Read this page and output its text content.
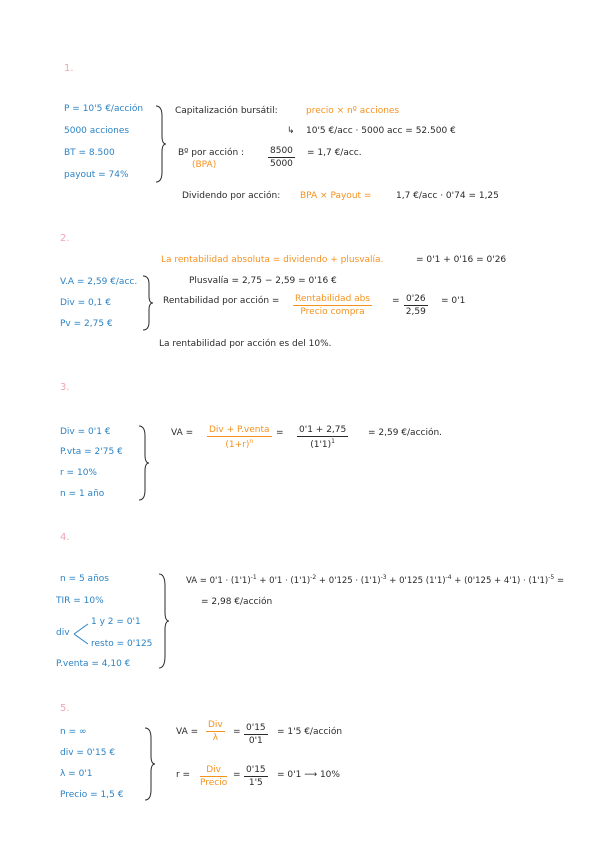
1.
P = 10'5 €/acción
5000 acciones
BT = 8.500
payout = 74%
Capitalización bursátil:	precio × nº acciones
↳ 10'5 €/acc · 5000 acc = 52.500 €
Bº por acción :
(BPA)	$\frac{8500}{5000} = 1,7$ €/acc.
Dividendo por acción: BPA × Payout =	1,7 €/acc · 0'74 = 1,25
2.
La rentabilidad absoluta = dividendo + plusvalía.	= 0'1 + 0'16 = 0'26
V.A = 2,59 €/acc.
Div = 0,1 €
Pv = 2,75 €
Plusvalía = 2,75 − 2,59 = 0'16 €
Rentabilidad por acción = Rentabilidad abs
Precio compra
= $\frac{0'26}{2,59} = 0'1$
La rentabilidad por acción es del 10%.
3.
Div = 0'1 €
P.vta = 2'75 €
r = 10%
n = 1 año
VA = Div + P.venta
$(1+r)^n$
= $\frac{0'1 + 2,75}{(1'1)^1} = 2,59$ €/acción.
4.
n = 5 años
TIR = 10%
div
1 y 2 = 0'1
resto = 0'125
P.venta = 4,10 €
VA = $0'1 \cdot (1'1)^{-1} + 0'1 \cdot (1'1)^{-2} + 0'125 \cdot (1'1)^{-3} + 0'125$ $(1'1)^{-4} + (0'125 + 4'1) \cdot (1'1)^{-5}$ =
= 2,98 €/acción
5.
n = ∞
div = 0'15 €
λ = 0'1
Precio = 1,5 €
VA =
Div
λ
= $\frac{0'15}{0'1} = 1'5$ €/acción
r =	Div
Precio
= $\frac{0'15}{1'5} = 0'1$ ⟶ 10%
